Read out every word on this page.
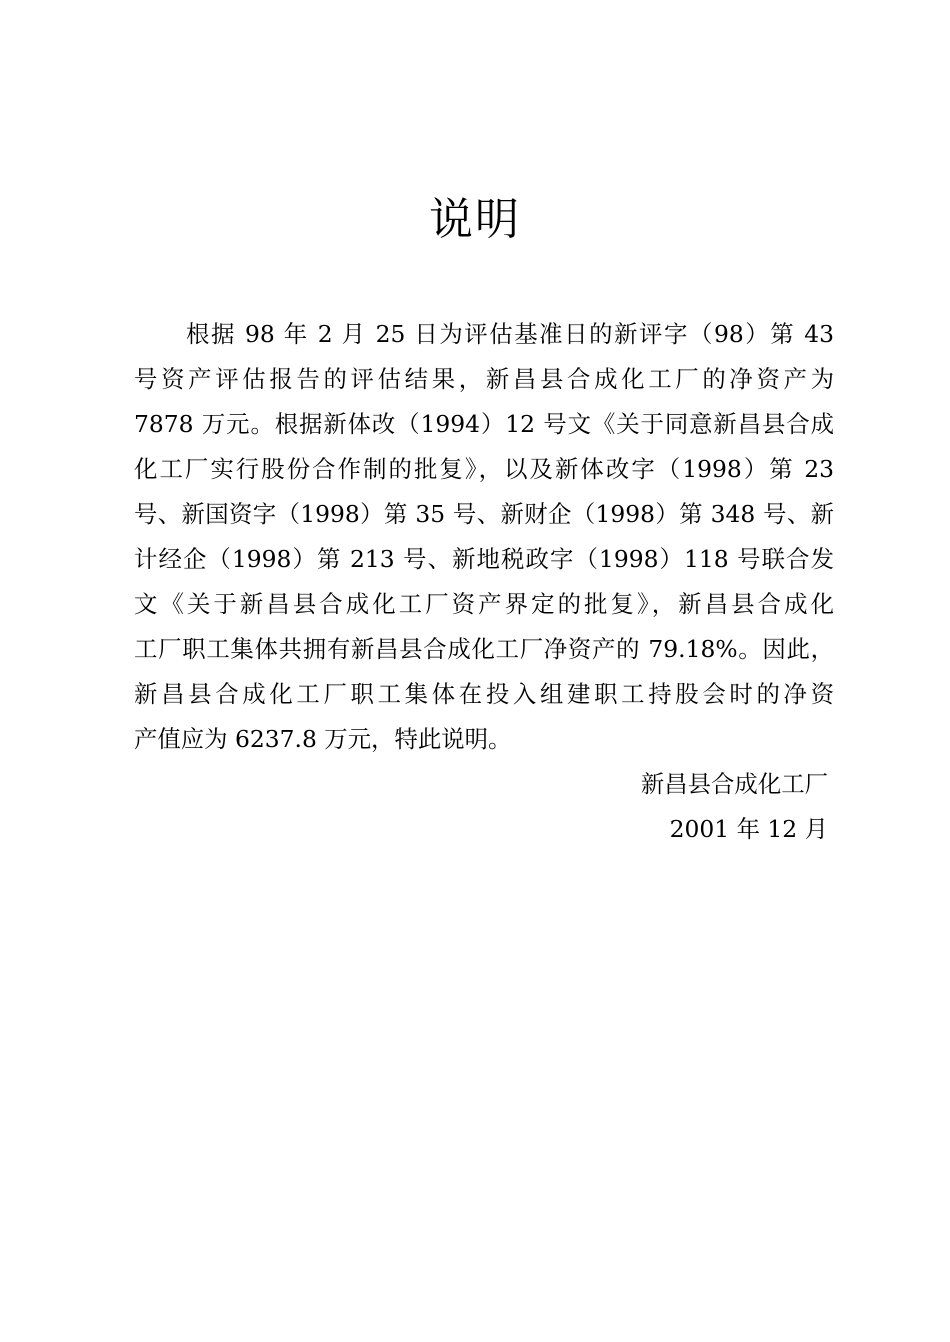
说明
根据 98 年 2 月 25 日为评估基准日的新评字（98）第 43
号资产评估报告的评估结果，新昌县合成化工厂的净资产为
7878 万元。根据新体改（1994）12 号文《关于同意新昌县合成
化工厂实行股份合作制的批复》，以及新体改字（1998）第 23
号、新国资字（1998）第 35 号、新财企（1998）第 348 号、新
计经企（1998）第 213 号、新地税政字（1998）118 号联合发
文《关于新昌县合成化工厂资产界定的批复》，新昌县合成化
工厂职工集体共拥有新昌县合成化工厂净资产的 79.18%。因此，
新昌县合成化工厂职工集体在投入组建职工持股会时的净资
产值应为 6237.8 万元，特此说明。
新昌县合成化工厂
2001 年 12 月
